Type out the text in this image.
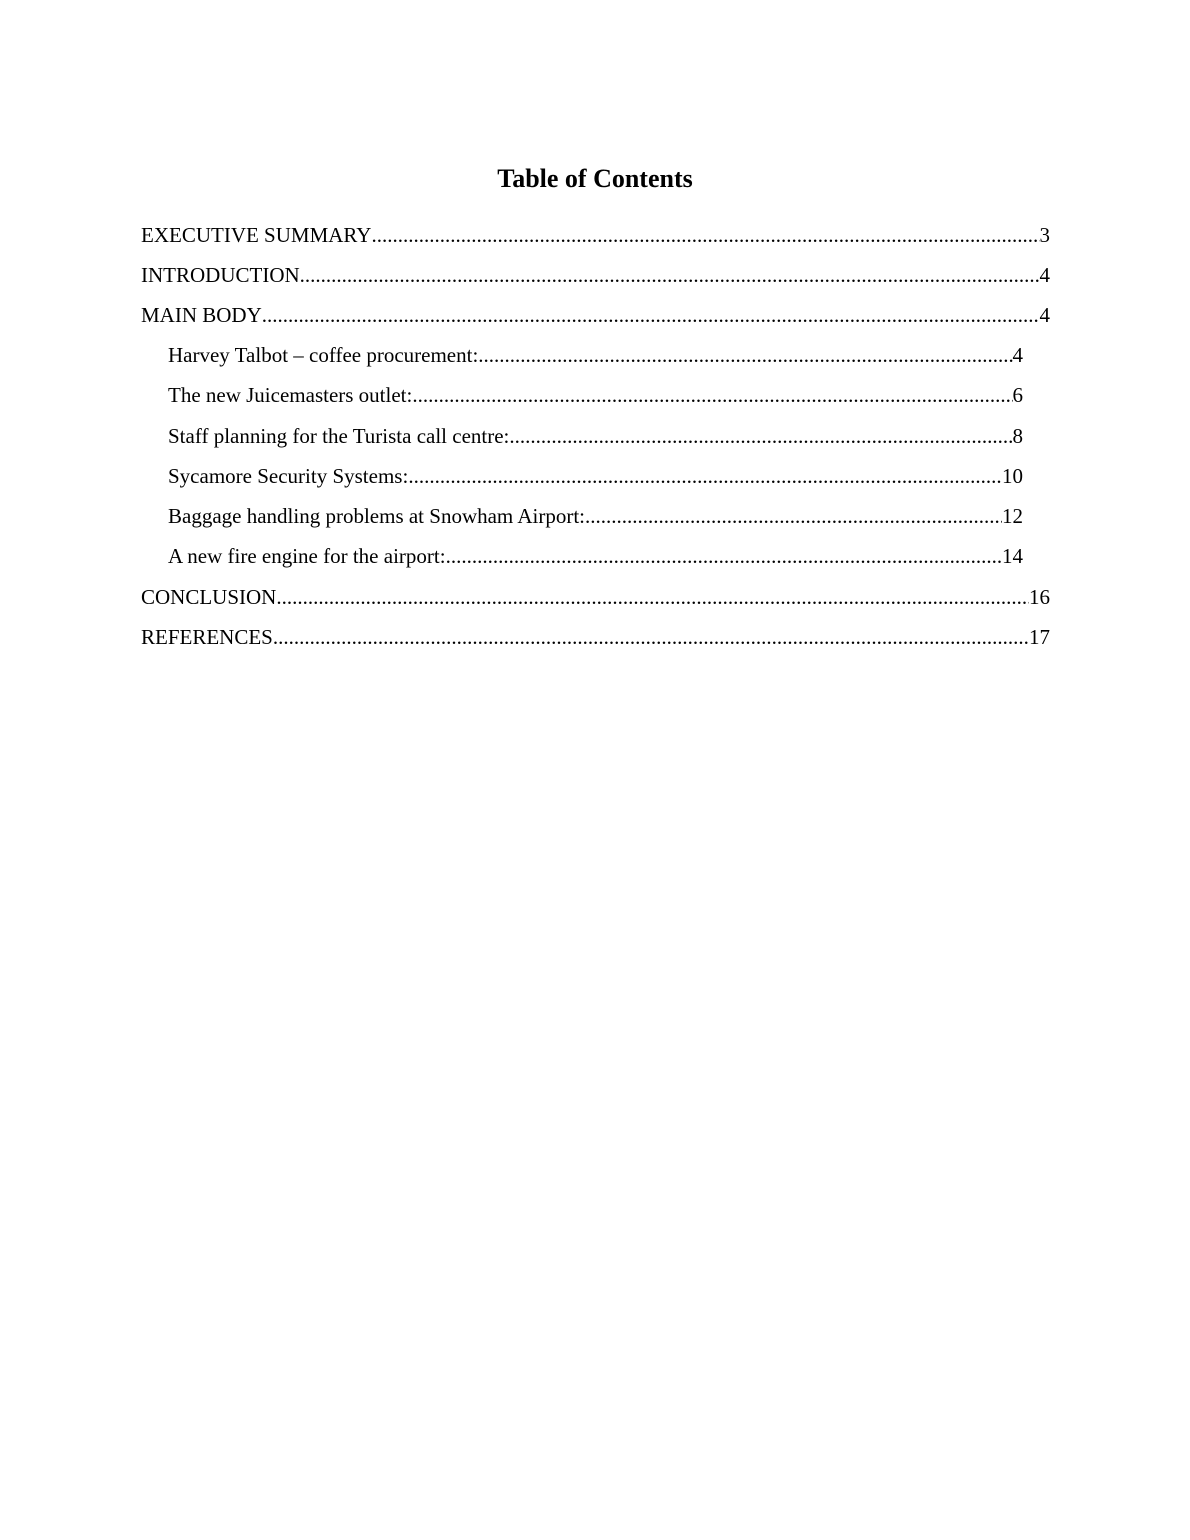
Table of Contents
EXECUTIVE SUMMARY .....	3
INTRODUCTION .....	4
MAIN BODY .....	4
Harvey Talbot – coffee procurement: .....	4
The new Juicemasters outlet: .....	6
Staff planning for the Turista call centre: .....	8
Sycamore Security Systems: .....	10
Baggage handling problems at Snowham Airport: .....	12
A new fire engine for the airport: .....	14
CONCLUSION .....	16
REFERENCES .....	17
